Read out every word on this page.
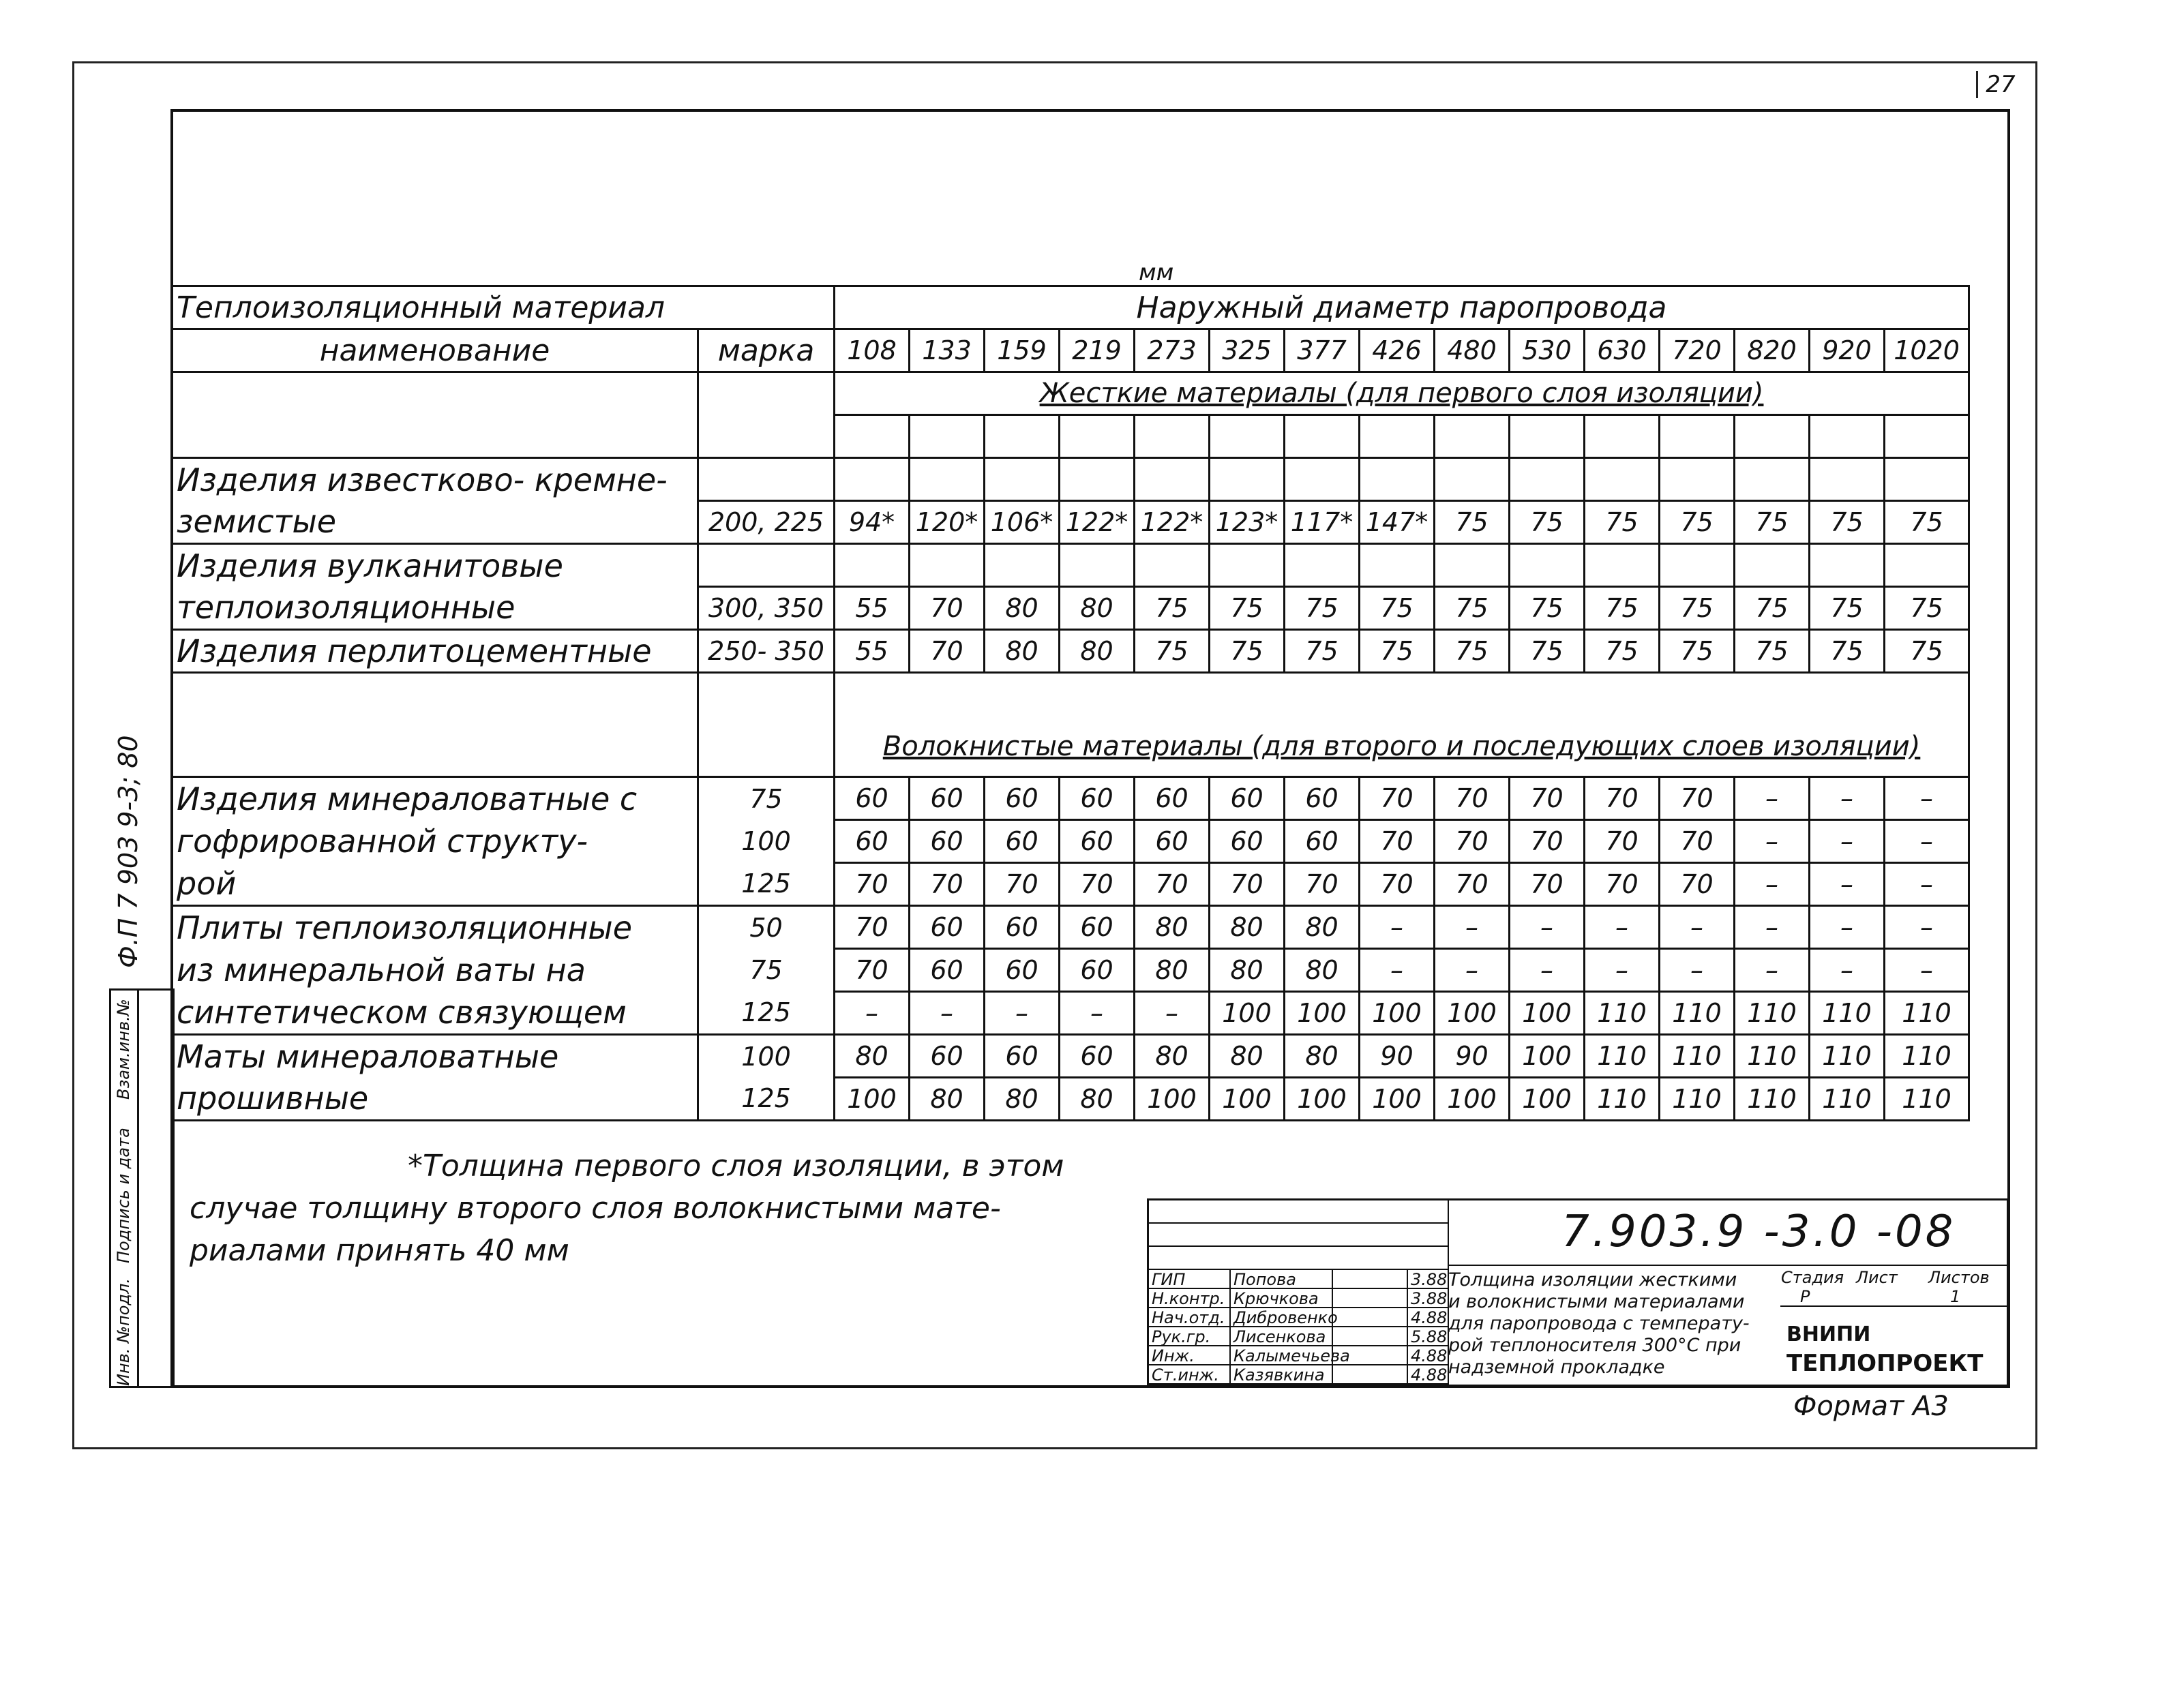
27
мм
Теплоизоляционный материал		Наружный диаметр паропровода														
наименование	марка	108	133	159	219	273	325	377	426	480	530	630	720	820	920	1020
		Жесткие материалы (для первого слоя изоляции)														

Изделия известково- кремне-																
земистые	200, 225	94*	120*	106*	122*	122*	123*	117*	147*	75	75	75	75	75	75	75
Изделия вулканитовые																
теплоизоляционные	300, 350	55	70	80	80	75	75	75	75	75	75	75	75	75	75	75
Изделия перлитоцементные	250- 350	55	70	80	80	75	75	75	75	75	75	75	75	75	75	75
		Волокнистые материалы (для второго и последующих слоев изоляции)														
Изделия минераловатные с	75	60	60	60	60	60	60	60	70	70	70	70	70	–	–	–
гофрированной структу-	100	60	60	60	60	60	60	60	70	70	70	70	70	–	–	–
рой	125	70	70	70	70	70	70	70	70	70	70	70	70	–	–	–
Плиты теплоизоляционные	50	70	60	60	60	80	80	80	–	–	–	–	–	–	–	–
из минеральной ваты на	75	70	60	60	60	80	80	80	–	–	–	–	–	–	–	–
синтетическом связующем	125	–	–	–	–	–	100	100	100	100	100	110	110	110	110	110
Маты минераловатные	100	80	60	60	60	80	80	80	90	90	100	110	110	110	110	110
прошивные	125	100	80	80	80	100	100	100	100	100	100	110	110	110	110	110
Ф.П 7 903 9-3; 80
Инв. №подл.
Подпись и дата
Взам.инв.№
*Толщина первого слоя изоляции, в этом
случае толщину второго слоя волокнистыми мате-
риалами принять 40 мм
ГИП	Попова	3.88
Н.контр. Крючкова	3.88
Нач.отд. Дибровенко	4.88
Рук.гр.	Лисенкова	5.88
Инж.	Калымечьева	4.88
Ст.инж. Казявкина	4.88
7.903.9 -3.0 -08
Толщина изоляции жесткими
и волокнистыми материалами
для паропровода с температу-
рой теплоносителя 300°С при
надземной прокладке
Стадия Лист Листов
Р	1
ВНИПИ
ТЕПЛОПРОЕКТ
Формат А3
